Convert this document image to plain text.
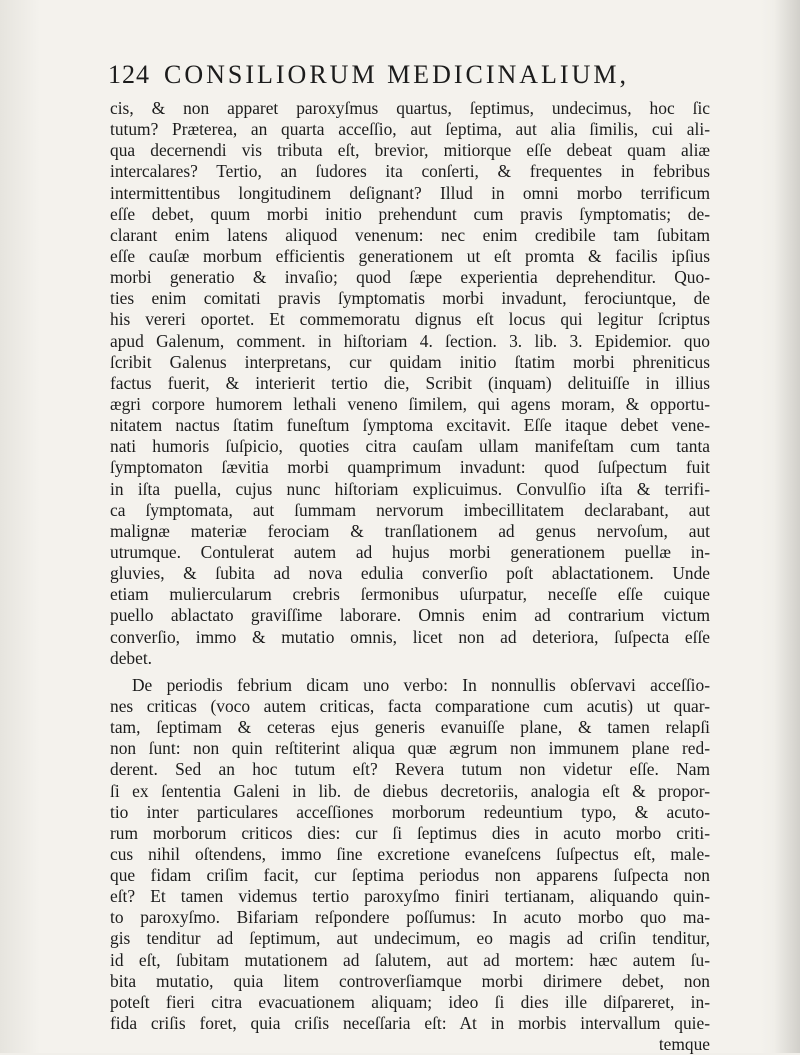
124 CONSILIORUM MEDICINALIUM,
cis, & non apparet paroxyſmus quartus, ſeptimus, undecimus, hoc ſic
tutum? Præterea, an quarta acceſſio, aut ſeptima, aut alia ſimilis, cui ali-
qua decernendi vis tributa eſt, brevior, mitiorque eſſe debeat quam aliæ
intercalares? Tertio, an ſudores ita conſerti, & frequentes in febribus
intermittentibus longitudinem deſignant? Illud in omni morbo terrificum
eſſe debet, quum morbi initio prehendunt cum pravis ſymptomatis; de-
clarant enim latens aliquod venenum: nec enim credibile tam ſubitam
eſſe cauſæ morbum efficientis generationem ut eſt promta & facilis ipſius
morbi generatio & invaſio; quod ſæpe experientia deprehenditur. Quo-
ties enim comitati pravis ſymptomatis morbi invadunt, ferociuntque, de
his vereri oportet. Et commemoratu dignus eſt locus qui legitur ſcriptus
apud Galenum, comment. in hiſtoriam 4. ſection. 3. lib. 3. Epidemior. quo
ſcribit Galenus interpretans, cur quidam initio ſtatim morbi phreniticus
factus fuerit, & interierit tertio die, Scribit (inquam) delituiſſe in illius
ægri corpore humorem lethali veneno ſimilem, qui agens moram, & opportu-
nitatem nactus ſtatim funeſtum ſymptoma excitavit. Eſſe itaque debet vene-
nati humoris ſuſpicio, quoties citra cauſam ullam manifeſtam cum tanta
ſymptomaton ſævitia morbi quamprimum invadunt: quod ſuſpectum fuit
in iſta puella, cujus nunc hiſtoriam explicuimus. Convulſio iſta & terrifi-
ca ſymptomata, aut ſummam nervorum imbecillitatem declarabant, aut
malignæ materiæ ferociam & tranſlationem ad genus nervoſum, aut
utrumque. Contulerat autem ad hujus morbi generationem puellæ in-
gluvies, & ſubita ad nova edulia converſio poſt ablactationem. Unde
etiam muliercularum crebris ſermonibus uſurpatur, neceſſe eſſe cuique
puello ablactato graviſſime laborare. Omnis enim ad contrarium victum
converſio, immo & mutatio omnis, licet non ad deteriora, ſuſpecta eſſe
debet.
De periodis febrium dicam uno verbo: In nonnullis obſervavi acceſſio-
nes criticas (voco autem criticas, facta comparatione cum acutis) ut quar-
tam, ſeptimam & ceteras ejus generis evanuiſſe plane, & tamen relapſi
non ſunt: non quin reſtiterint aliqua quæ ægrum non immunem plane red-
derent. Sed an hoc tutum eſt? Revera tutum non videtur eſſe. Nam
ſi ex ſententia Galeni in lib. de diebus decretoriis, analogia eſt & propor-
tio inter particulares acceſſiones morborum redeuntium typo, & acuto-
rum morborum criticos dies: cur ſi ſeptimus dies in acuto morbo criti-
cus nihil oſtendens, immo ſine excretione evaneſcens ſuſpectus eſt, male-
que fidam criſim facit, cur ſeptima periodus non apparens ſuſpecta non
eſt? Et tamen videmus tertio paroxyſmo finiri tertianam, aliquando quin-
to paroxyſmo. Bifariam reſpondere poſſumus: In acuto morbo quo ma-
gis tenditur ad ſeptimum, aut undecimum, eo magis ad criſin tenditur,
id eſt, ſubitam mutationem ad ſalutem, aut ad mortem: hæc autem ſu-
bita mutatio, quia litem controverſiamque morbi dirimere debet, non
poteſt fieri citra evacuationem aliquam; ideo ſi dies ille diſpareret, in-
fida criſis foret, quia criſis neceſſaria eſt: At in morbis intervallum quie-
temque
